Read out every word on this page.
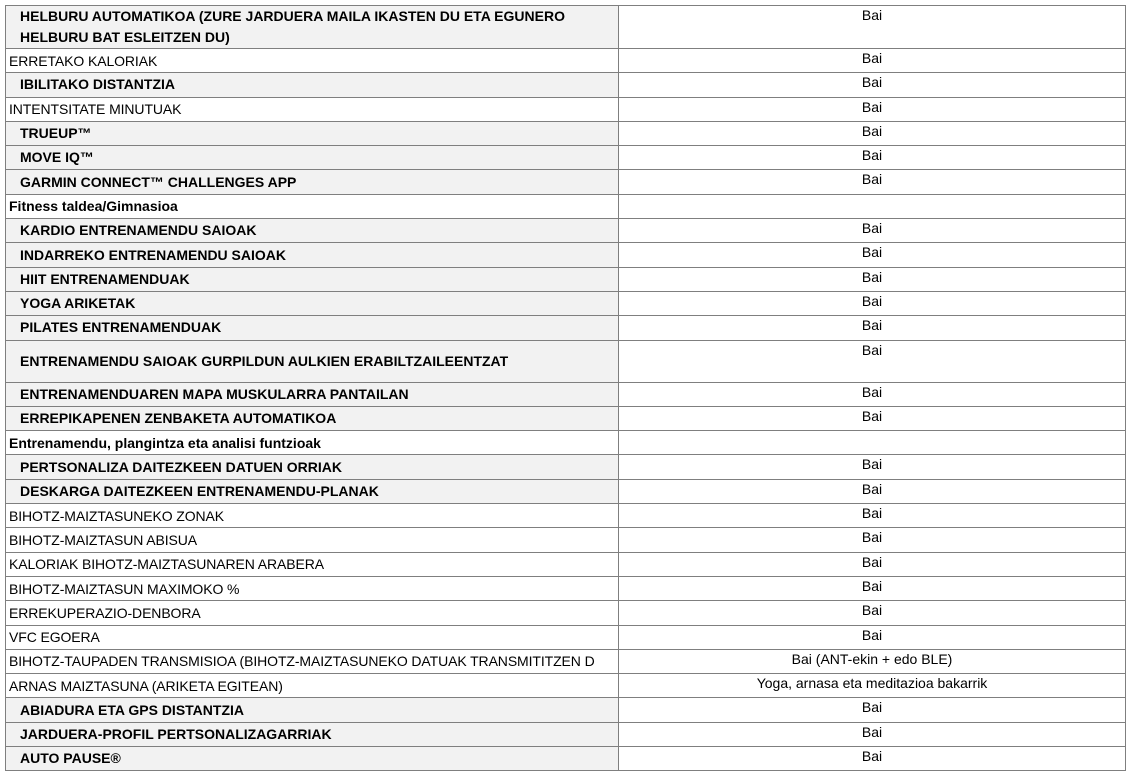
HELBURU AUTOMATIKOA (ZURE JARDUERA MAILA IKASTEN DU ETA EGUNERO HELBURU BAT ESLEITZEN DU)	Bai
ERRETAKO KALORIAK	Bai
IBILITAKO DISTANTZIA	Bai
INTENTSITATE MINUTUAK	Bai
TRUEUP™	Bai
MOVE IQ™	Bai
GARMIN CONNECT™ CHALLENGES APP	Bai
Fitness taldea/Gimnasioa	
KARDIO ENTRENAMENDU SAIOAK	Bai
INDARREKO ENTRENAMENDU SAIOAK	Bai
HIIT ENTRENAMENDUAK	Bai
YOGA ARIKETAK	Bai
PILATES ENTRENAMENDUAK	Bai
ENTRENAMENDU SAIOAK GURPILDUN AULKIEN ERABILTZAILEENTZAT	Bai
ENTRENAMENDUAREN MAPA MUSKULARRA PANTAILAN	Bai
ERREPIKAPENEN ZENBAKETA AUTOMATIKOA	Bai
Entrenamendu, plangintza eta analisi funtzioak	
PERTSONALIZA DAITEZKEEN DATUEN ORRIAK	Bai
DESKARGA DAITEZKEEN ENTRENAMENDU-PLANAK	Bai
BIHOTZ-MAIZTASUNEKO ZONAK	Bai
BIHOTZ-MAIZTASUN ABISUA	Bai
KALORIAK BIHOTZ-MAIZTASUNAREN ARABERA	Bai
BIHOTZ-MAIZTASUN MAXIMOKO %	Bai
ERREKUPERAZIO-DENBORA	Bai
VFC EGOERA	Bai
BIHOTZ-TAUPADEN TRANSMISIOA (BIHOTZ-MAIZTASUNEKO DATUAK TRANSMITITZEN D	Bai (ANT-ekin + edo BLE)
ARNAS MAIZTASUNA (ARIKETA EGITEAN)	Yoga, arnasa eta meditazioa bakarrik
ABIADURA ETA GPS DISTANTZIA	Bai
JARDUERA-PROFIL PERTSONALIZAGARRIAK	Bai
AUTO PAUSE®	Bai
